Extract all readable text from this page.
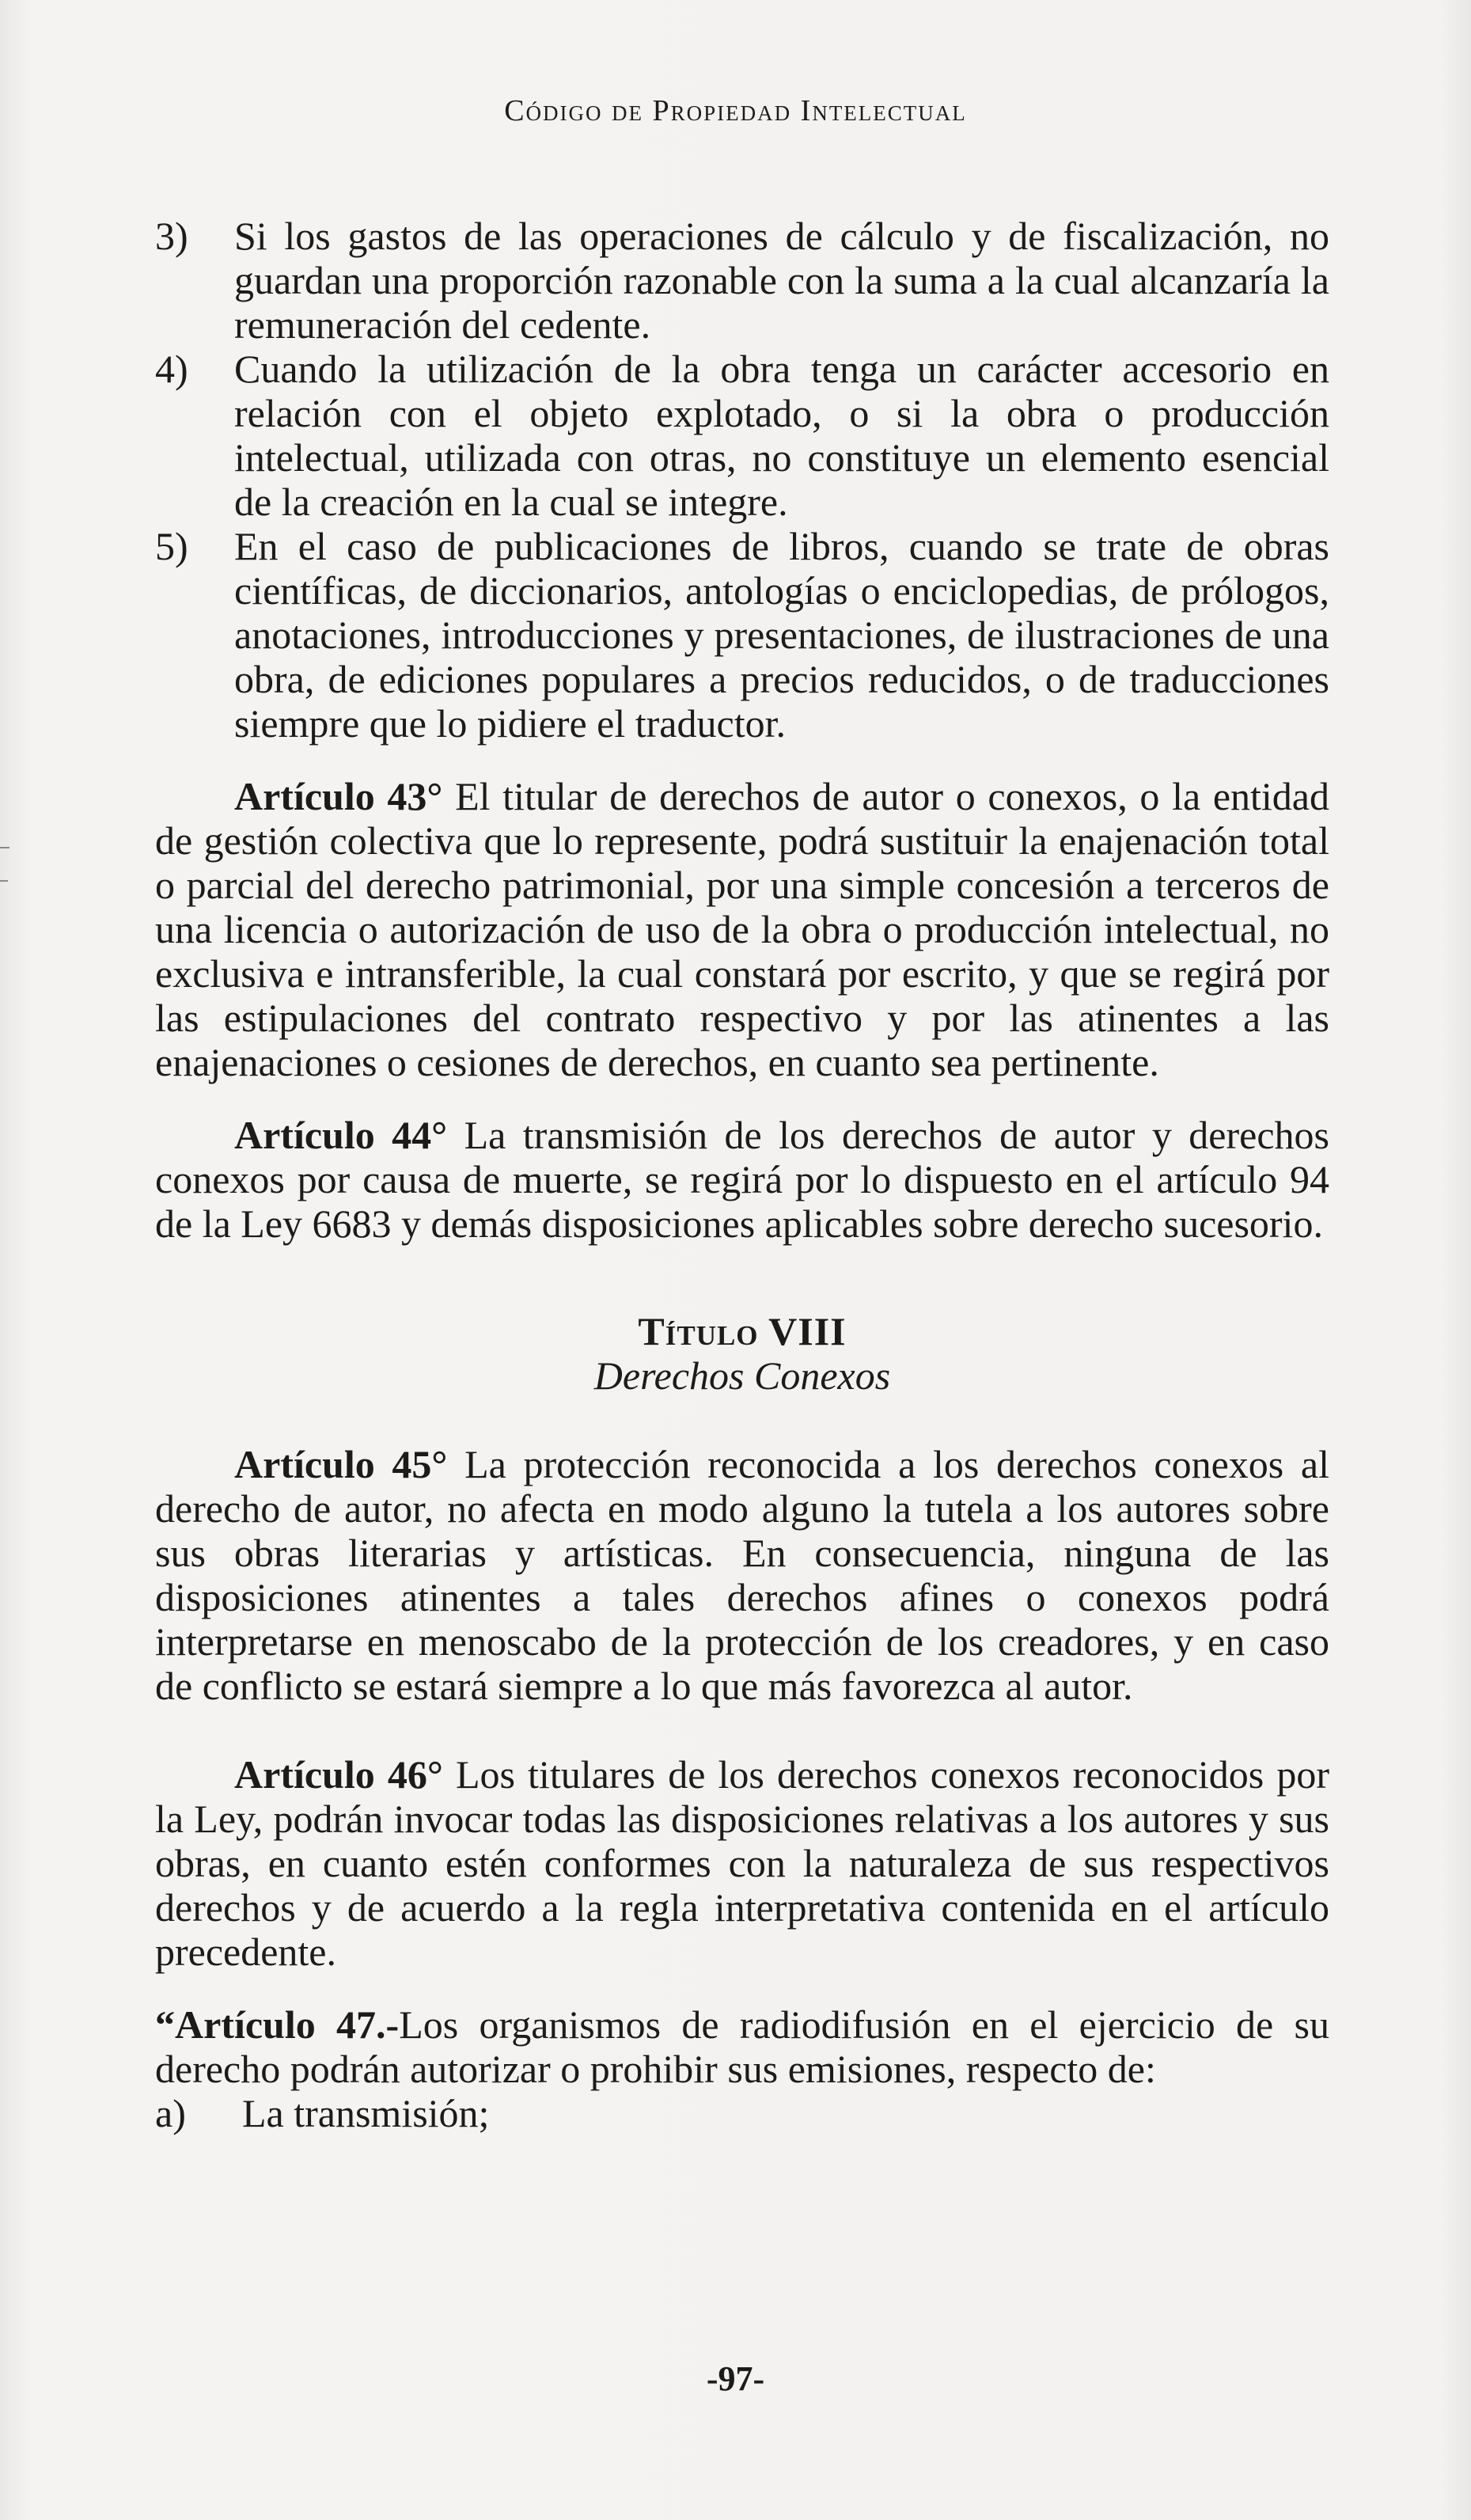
Código de Propiedad Intelectual
3)	Si los gastos de las operaciones de cálculo y de fiscalización, no guardan una proporción razonable con la suma a la cual alcanzaría la remuneración del cedente.
4)	Cuando la utilización de la obra tenga un carácter accesorio en relación con el objeto explotado, o si la obra o producción intelectual, utilizada con otras, no constituye un elemento esencial de la creación en la cual se integre.
5)	En el caso de publicaciones de libros, cuando se trate de obras científicas, de diccionarios, antologías o enciclopedias, de prólogos, anotaciones, introducciones y presentaciones, de ilustraciones de una obra, de ediciones populares a precios reducidos, o de traducciones siempre que lo pidiere el traductor.

Artículo 43° El titular de derechos de autor o conexos, o la entidad de gestión colectiva que lo represente, podrá sustituir la enajenación total o parcial del derecho patrimonial, por una simple concesión a terceros de una licencia o autorización de uso de la obra o producción intelectual, no exclusiva e intransferible, la cual constará por escrito, y que se regirá por las estipulaciones del contrato respectivo y por las atinentes a las enajenaciones o cesiones de derechos, en cuanto sea pertinente.

Artículo 44° La transmisión de los derechos de autor y derechos conexos por causa de muerte, se regirá por lo dispuesto en el artículo 94 de la Ley 6683 y demás disposiciones aplicables sobre derecho sucesorio.

Título VIII
Derechos Conexos

Artículo 45° La protección reconocida a los derechos conexos al derecho de autor, no afecta en modo alguno la tutela a los autores sobre sus obras literarias y artísticas. En consecuencia, ninguna de las disposiciones atinentes a tales derechos afines o conexos podrá interpretarse en menoscabo de la protección de los creadores, y en caso de conflicto se estará siempre a lo que más favorezca al autor.

Artículo 46° Los titulares de los derechos conexos reconocidos por la Ley, podrán invocar todas las disposiciones relativas a los autores y sus obras, en cuanto estén conformes con la naturaleza de sus respectivos derechos y de acuerdo a la regla interpretativa contenida en el artículo precedente.

“Artículo 47.-Los organismos de radiodifusión en el ejercicio de su derecho podrán autorizar o prohibir sus emisiones, respecto de:

a)	La transmisión;
-97-
